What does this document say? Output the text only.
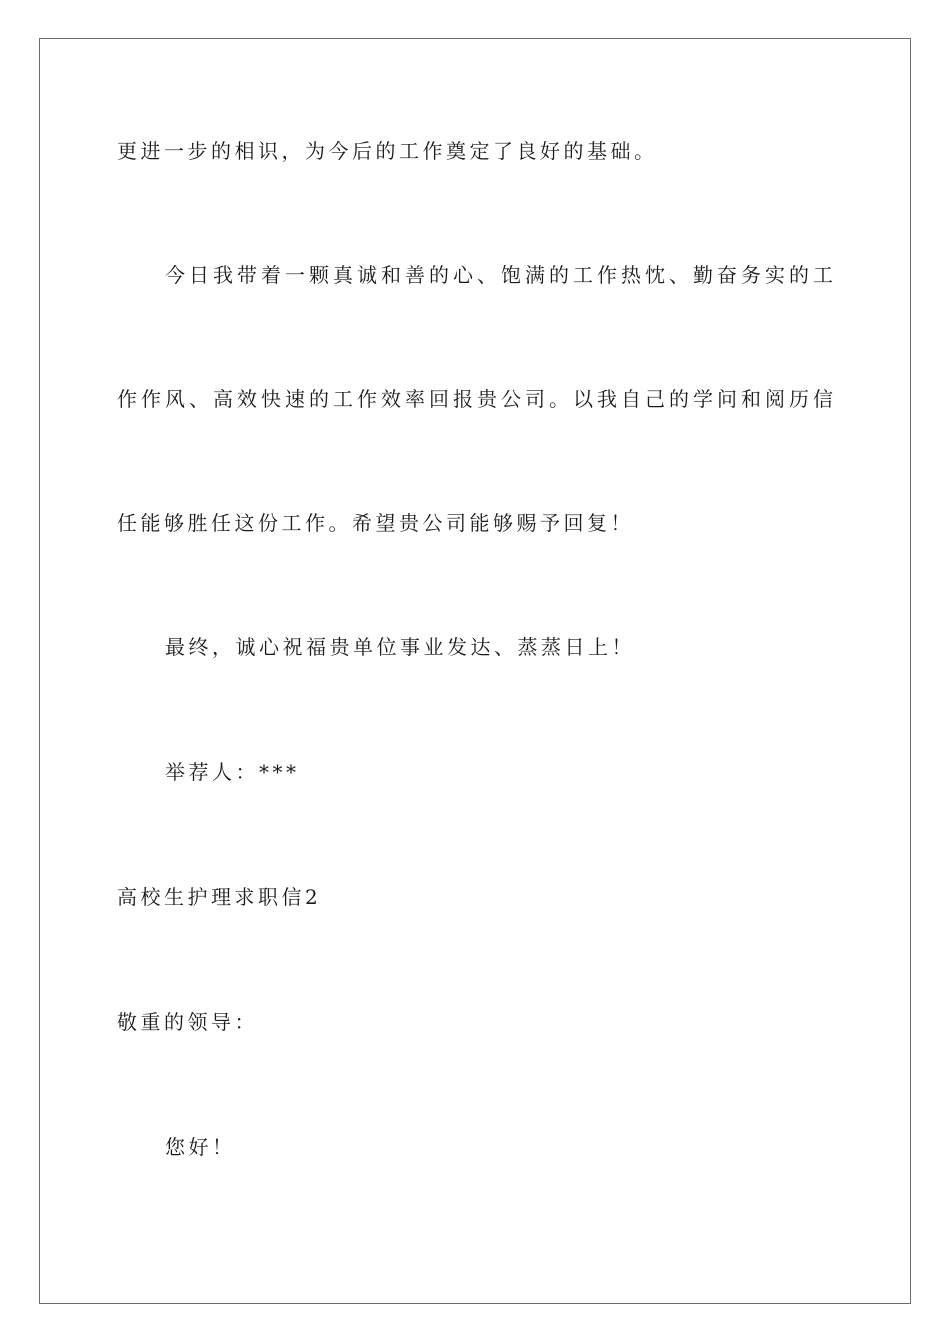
更进一步的相识，为今后的工作奠定了良好的基础。
今日我带着一颗真诚和善的心、饱满的工作热忱、勤奋务实的工
作作风、高效快速的工作效率回报贵公司。以我自己的学问和阅历信
任能够胜任这份工作。希望贵公司能够赐予回复！
最终，诚心祝福贵单位事业发达、蒸蒸日上！
举荐人：***
高校生护理求职信2
敬重的领导：
您好！
